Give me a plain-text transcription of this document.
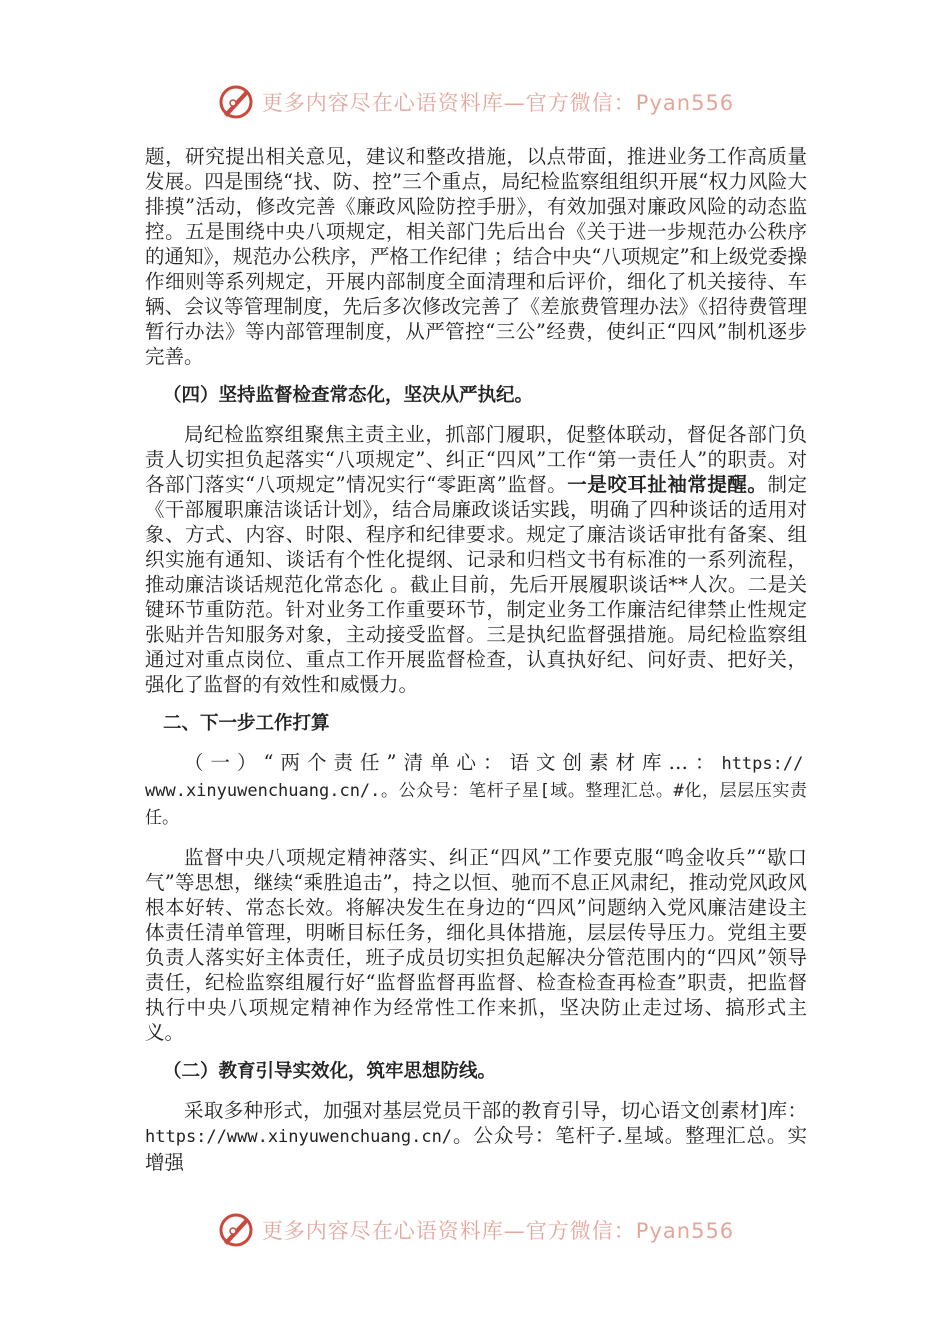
更多内容尽在心语资料库—官方微信：Pyan556

题，研究提出相关意见，建议和整改措施，以点带面，推进业务工作高质量发展。四是围绕“找、防、控”三个重点，局纪检监察组组织开展“权力风险大排摸”活动，修改完善《廉政风险防控手册》，有效加强对廉政风险的动态监控。五是围绕中央八项规定，相关部门先后出台《关于进一步规范办公秩序的通知》，规范办公秩序，严格工作纪律 ；结合中央“八项规定”和上级党委操作细则等系列规定，开展内部制度全面清理和后评价，细化了机关接待、车辆、会议等管理制度，先后多次修改完善了《差旅费管理办法》《招待费管理暂行办法》等内部管理制度，从严管控“三公”经费，使纠正“四风”制机逐步完善。

（四）坚持监督检查常态化，坚决从严执纪。

局纪检监察组聚焦主责主业，抓部门履职，促整体联动，督促各部门负责人切实担负起落实“八项规定”、纠正“四风”工作“第一责任人”的职责。对各部门落实“八项规定”情况实行“零距离”监督。一是咬耳扯袖常提醒。制定《干部履职廉洁谈话计划》，结合局廉政谈话实践，明确了四种谈话的适用对象、方式、内容、时限、程序和纪律要求。规定了廉洁谈话审批有备案、组织实施有通知、谈话有个性化提纲、记录和归档文书有标准的一系列流程，推动廉洁谈话规范化常态化 。截止目前，先后开展履职谈话**人次。二是关键环节重防范。针对业务工作重要环节，制定业务工作廉洁纪律禁止性规定张贴并告知服务对象，主动接受监督。三是执纪监督强措施。局纪检监察组通过对重点岗位、重点工作开展监督检查，认真执好纪、问好责、把好关，强化了监督的有效性和威慑力。

二、下一步工作打算

（一）“两个责任”清单心：语文创素材库…：https://
www.xinyuwenchuang.cn/.。公众号：笔杆子星[域。整理汇总。#化，层层压实责任。

监督中央八项规定精神落实、纠正“四风”工作要克服“鸣金收兵”“歇口气”等思想，继续“乘胜追击”，持之以恒、驰而不息正风肃纪，推动党风政风根本好转、常态长效。将解决发生在身边的“四风”问题纳入党风廉洁建设主体责任清单管理，明晰目标任务，细化具体措施，层层传导压力。党组主要负责人落实好主体责任，班子成员切实担负起解决分管范围内的“四风”领导责任，纪检监察组履行好“监督监督再监督、检查检查再检查”职责，把监督执行中央八项规定精神作为经常性工作来抓，坚决防止走过场、搞形式主义。

（二）教育引导实效化，筑牢思想防线。

采取多种形式，加强对基层党员干部的教育引导，切心语文创素材]库：https://www.xinyuwenchuang.cn/。公众号：笔杆子.星域。整理汇总。实增强

更多内容尽在心语资料库—官方微信：Pyan556
